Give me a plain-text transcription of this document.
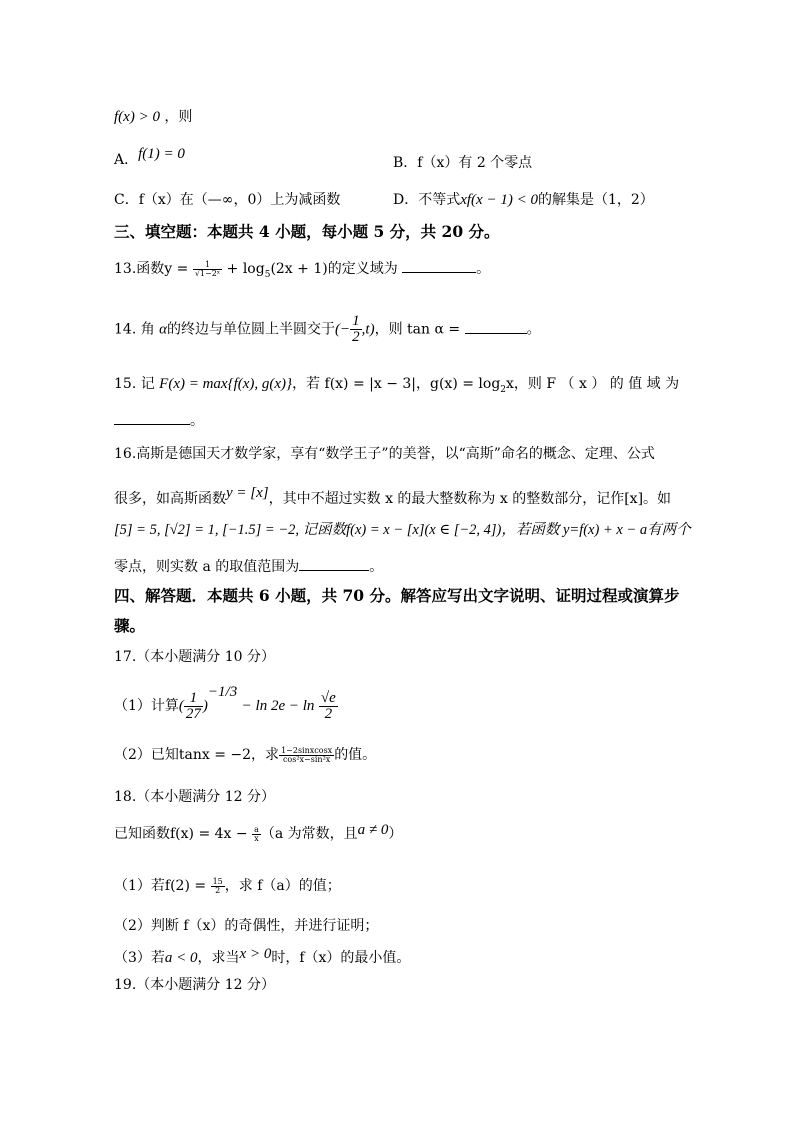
f(x) > 0 ，则
A．$^{f(1) = 0}$
B．f（x）有 2 个零点
C．f（x）在（—∞，0）上为减函数	D．不等式xf(x − 1) < 0的解集是（1，2）
三、填空题：本题共 4 小题，每小题 5 分，共 20 分。
13.函数$y = \frac{1}{\text{√1−2ˣ}} + \log_5(2x + 1)$的定义域为	。
14. 角 α的终边与单位圆上半圆交于(− $\frac{1}{2} ,t$)，则 tan α =	。
15. 记 F(x) = max{f(x), g(x)}，若 f(x) = |x − 3|，$g(x) = \log_2x$，则 F （ x ） 的 值 域 为
。
16.高斯是德国天才数学家，享有“数学王子”的美誉，以“高斯”命名的概念、定理、公式
很多，如高斯函数y = [x]，其中不超过实数 x 的最大整数称为 x 的整数部分，记作[x]。如
[5] = 5, [√2] = 1, [−1.5] = −2, 记函数f(x) = x − [x](x ∈ [−2, 4])，若函数 y=f(x) + x − a有两个
零点，则实数 a 的取值范围为	。
四、解答题．本题共 6 小题，共 70 分。解答应写出文字说明、证明过程或演算步
骤。
17.（本小题满分 10 分）
（1）计算( $\frac{1}{27} )^{-1/3} - \ln 2e - \ln \frac{√e}{2}$
（2）已知tanx = −2，求 $\frac{\text{1−2sinxcosx}}{\text{cos²x−sin²x}}$ 的值。
18.（本小题满分 12 分）
已知函数$f(x) = 4x - \frac{a}{x} (a$ 为常数，且a ≠ 0）
（1）若$f(2) = \frac{15}{2}$ ，求 f（a）的值；
（2）判断 f（x）的奇偶性，并进行证明；
（3）若a < 0，求当x > 0时，f（x）的最小值。
19.（本小题满分 12 分）
